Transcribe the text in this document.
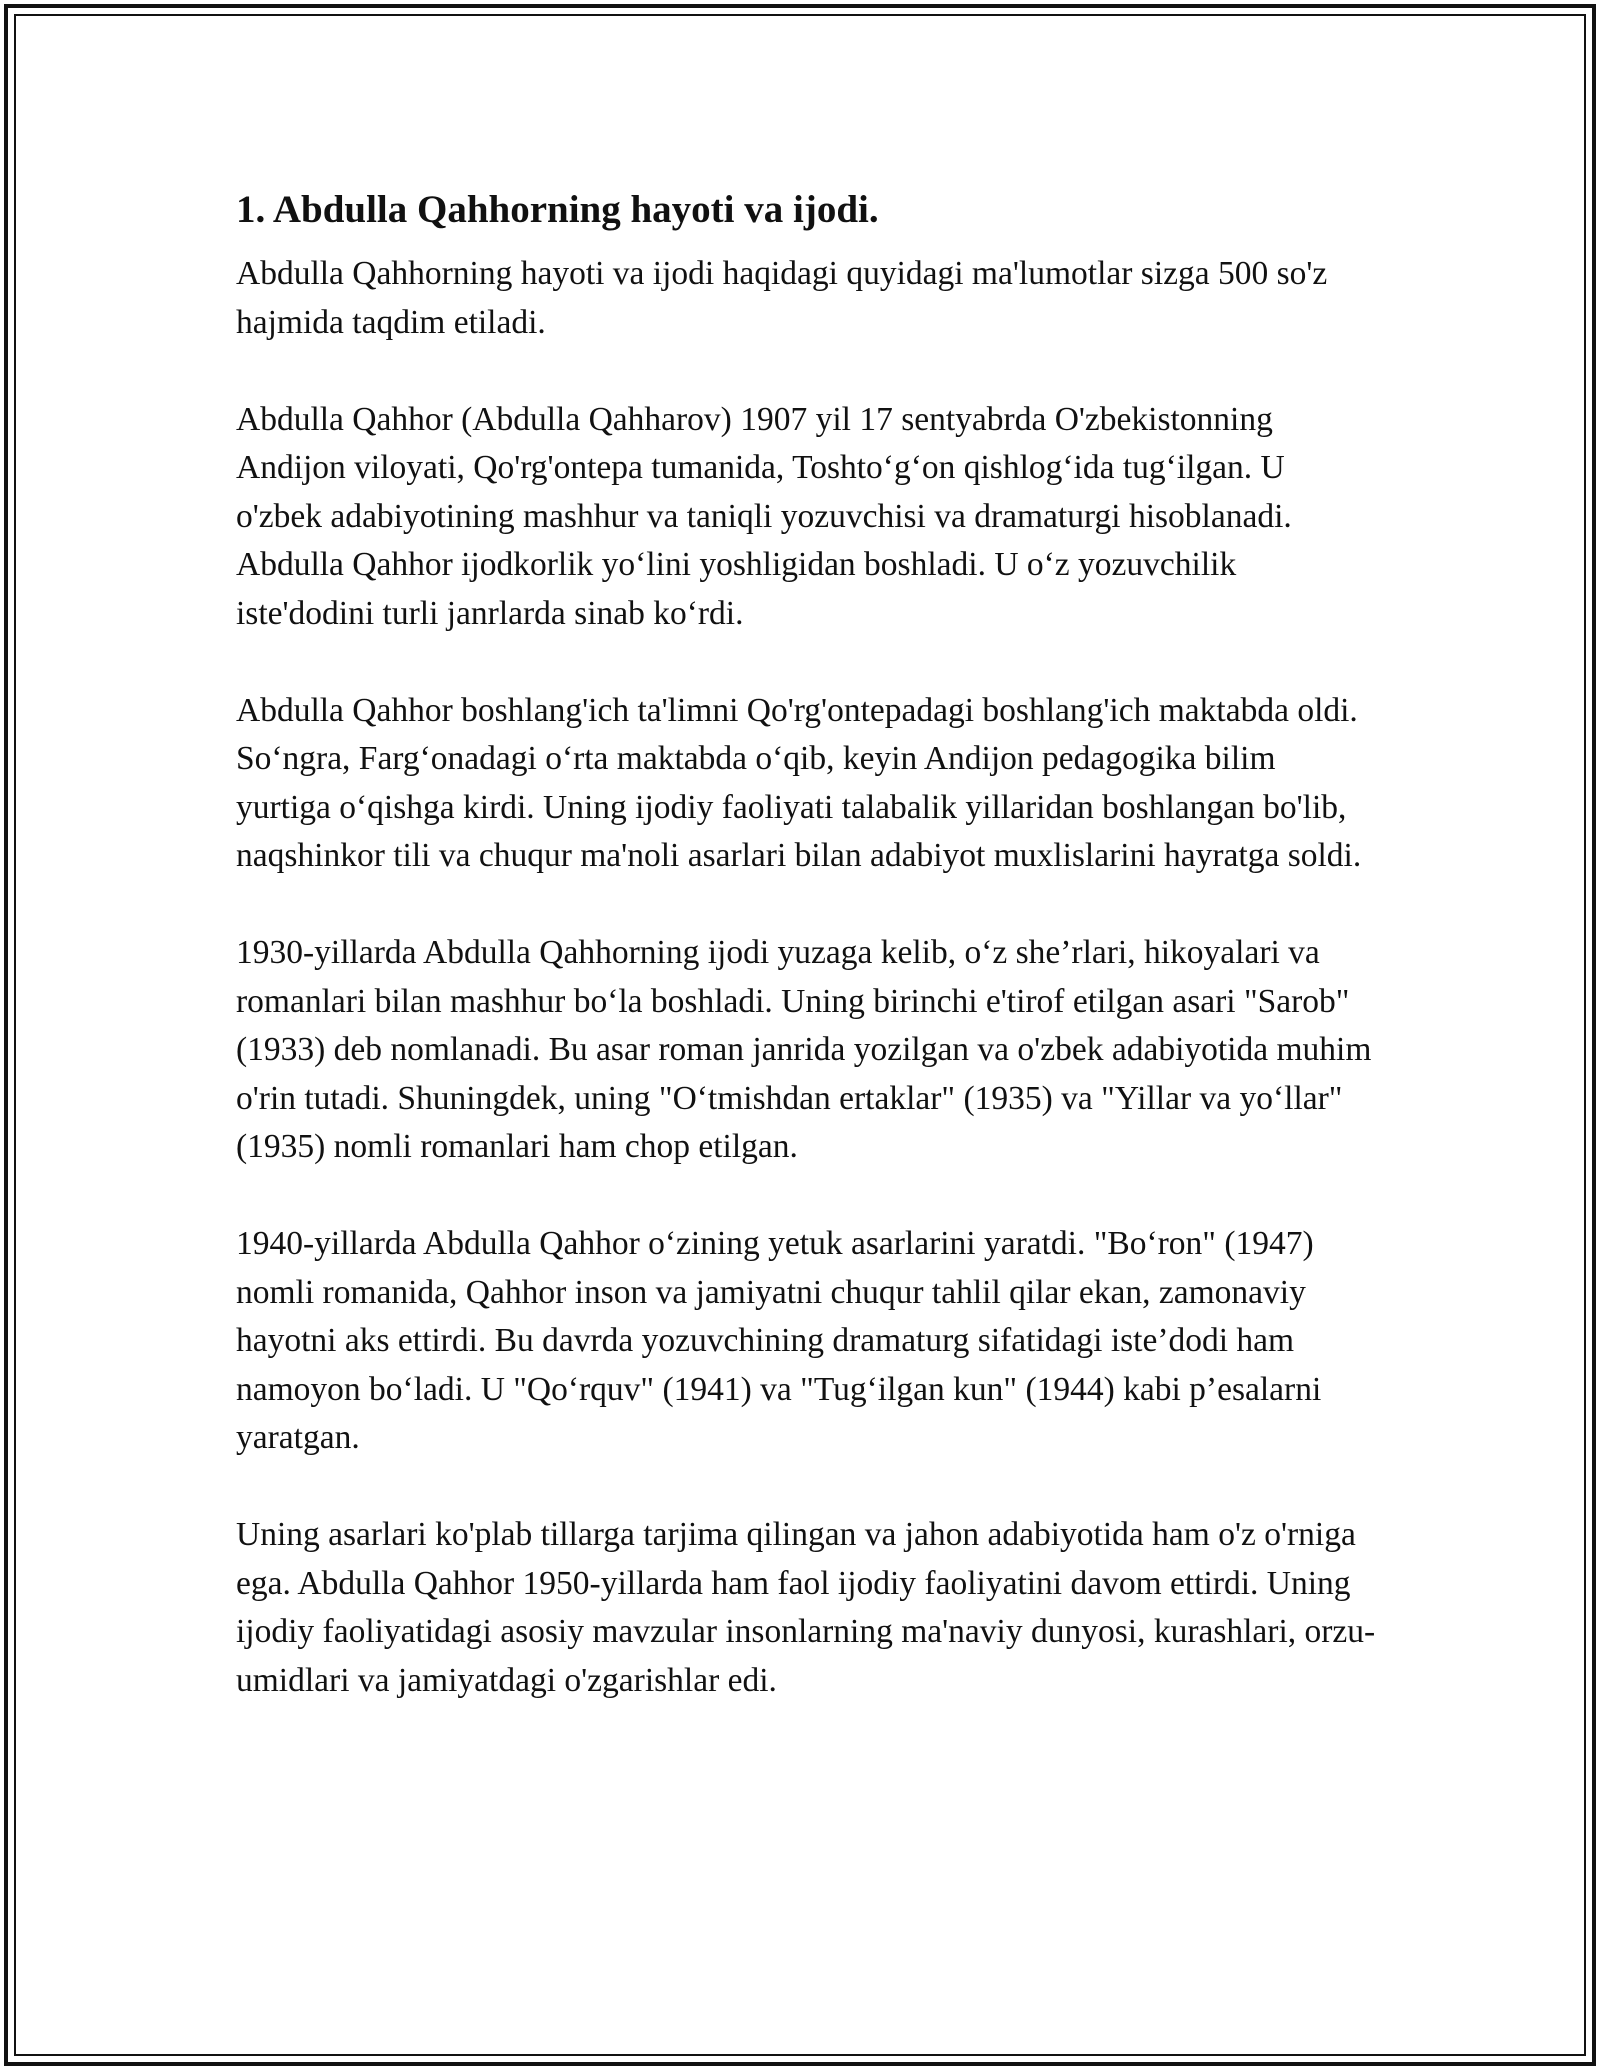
1. Abdulla Qahhorning hayoti va ijodi.

Abdulla Qahhorning hayoti va ijodi haqidagi quyidagi ma'lumotlar sizga 500 so'z hajmida taqdim etiladi.

Abdulla Qahhor (Abdulla Qahharov) 1907 yil 17 sentyabrda O'zbekistonning Andijon viloyati, Qo'rg'ontepa tumanida, Toshto‘g‘on qishlog‘ida tug‘ilgan. U o'zbek adabiyotining mashhur va taniqli yozuvchisi va dramaturgi hisoblanadi. Abdulla Qahhor ijodkorlik yo‘lini yoshligidan boshladi. U o‘z yozuvchilik iste'dodini turli janrlarda sinab ko‘rdi.

Abdulla Qahhor boshlang'ich ta'limni Qo'rg'ontepadagi boshlang'ich maktabda oldi. So‘ngra, Farg‘onadagi o‘rta maktabda o‘qib, keyin Andijon pedagogika bilim yurtiga o‘qishga kirdi. Uning ijodiy faoliyati talabalik yillaridan boshlangan bo'lib, naqshinkor tili va chuqur ma'noli asarlari bilan adabiyot muxlislarini hayratga soldi.

1930-yillarda Abdulla Qahhorning ijodi yuzaga kelib, o‘z she’rlari, hikoyalari va romanlari bilan mashhur bo‘la boshladi. Uning birinchi e'tirof etilgan asari "Sarob" (1933) deb nomlanadi. Bu asar roman janrida yozilgan va o'zbek adabiyotida muhim o'rin tutadi. Shuningdek, uning "O‘tmishdan ertaklar" (1935) va "Yillar va yo‘llar" (1935) nomli romanlari ham chop etilgan.

1940-yillarda Abdulla Qahhor o‘zining yetuk asarlarini yaratdi. "Bo‘ron" (1947) nomli romanida, Qahhor inson va jamiyatni chuqur tahlil qilar ekan, zamonaviy hayotni aks ettirdi. Bu davrda yozuvchining dramaturg sifatidagi iste’dodi ham namoyon bo‘ladi. U "Qo‘rquv" (1941) va "Tug‘ilgan kun" (1944) kabi p’esalarni yaratgan.

Uning asarlari ko'plab tillarga tarjima qilingan va jahon adabiyotida ham o'z o'rniga ega. Abdulla Qahhor 1950-yillarda ham faol ijodiy faoliyatini davom ettirdi. Uning ijodiy faoliyatidagi asosiy mavzular insonlarning ma'naviy dunyosi, kurashlari, orzu-umidlari va jamiyatdagi o'zgarishlar edi.
